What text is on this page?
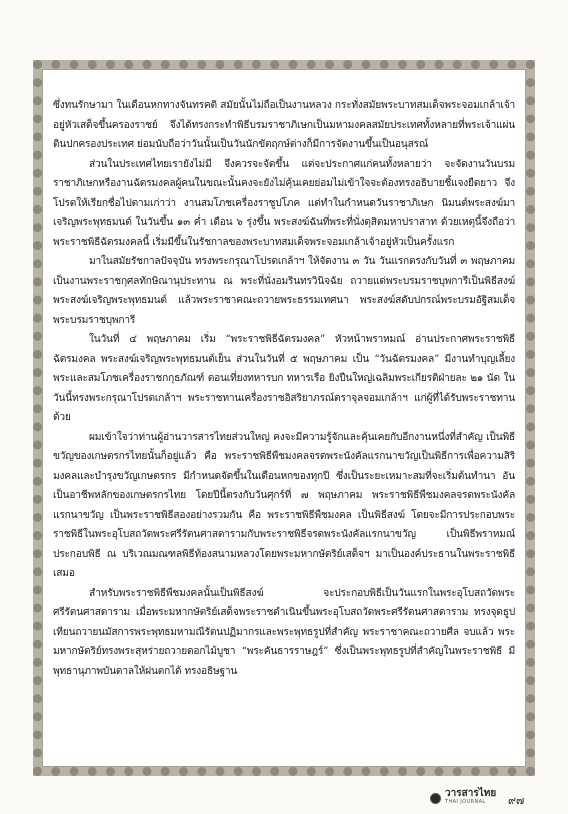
ซึ่งทนรักษามา ในเดือนหกทางจันทรคติ สมัยนั้นไม่ถือเป็นงานหลวง กระทั่งสมัยพระบาทสมเด็จพระจอมเกล้าเจ้าอยู่หัวเสด็จขึ้นครองราชย์ จึงได้ทรงกระทำพิธีบรมราชาภิเษกเป็นมหามงคลสมัยประเทศทั้งหลายที่พระเจ้าแผ่นดินปกครองประเทศ ย่อมนับถือว่าวันนั้นเป็นวันนักขัตฤกษ์ต่างก็มีการจัดงานขึ้นเป็นอนุสรณ์

ส่วนในประเทศไทยเรายังไม่มี จึงควรจะจัดขึ้น แต่จะประกาศแก่คนทั้งหลายว่า จะจัดงานวันบรมราชาภิเษกหรืองานฉัตรมงคลผู้คนในขณะนั้นคงจะยังไม่คุ้นเคยย่อมไม่เข้าใจจะต้องทรงอธิบายชี้แจงยืดยาว จึงโปรดให้เรียกชื่อไปตามเก่าว่า งานสมโภชเครื่องราชูปโภค แต่ทำในกำหนดวันราชาภิเษก นิมนต์พระสงฆ์มาเจริญพระพุทธมนต์ ในวันขึ้น ๑๓ ค่ำ เดือน ๖ รุ่งขึ้น พระสงฆ์ฉันที่พระที่นั่งดุสิตมหาปราสาท ด้วยเหตุนี้จึงถือว่า พระราชพิธีฉัตรมงคลนี้ เริ่มมีขึ้นในรัชกาลของพระบาทสมเด็จพระจอมเกล้าเจ้าอยู่หัวเป็นครั้งแรก

มาในสมัยรัชกาลปัจจุบัน ทรงพระกรุณาโปรดเกล้าฯ ให้จัดงาน ๓ วัน วันแรกตรงกับวันที่ ๓ พฤษภาคม เป็นงานพระราชกุศลทักษิณานุประทาน ณ พระที่นั่งอมรินทรวินิจฉัย ถวายแด่พระบรมราชบุพการีเป็นพิธีสงฆ์ พระสงฆ์เจริญพระพุทธมนต์ แล้วพระราชาคณะถวายพระธรรมเทศนา พระสงฆ์สดับปกรณ์พระบรมอัฐิสมเด็จพระบรมราชบุพการี

ในวันที่ ๔ พฤษภาคม เริ่ม “พระราชพิธีฉัตรมงคล” หัวหน้าพราหมณ์ อ่านประกาศพระราชพิธีฉัตรมงคล พระสงฆ์เจริญพระพุทธมนต์เย็น ส่วนในวันที่ ๕ พฤษภาคม เป็น “วันฉัตรมงคล” มีงานทำบุญเลี้ยงพระและสมโภชเครื่องราชกกุธภัณฑ์ ตอนเที่ยงทหารบก ทหารเรือ ยิงปืนใหญ่เฉลิมพระเกียรติฝ่ายละ ๒๑ นัด ในวันนี้ทรงพระกรุณาโปรดเกล้าฯ พระราชทานเครื่องราชอิสริยาภรณ์ตราจุลจอมเกล้าฯ แก่ผู้ที่ได้รับพระราชทานด้วย

ผมเข้าใจว่าท่านผู้อ่านวารสารไทยส่วนใหญ่ คงจะมีความรู้จักและคุ้นเคยกับอีกงานหนึ่งที่สำคัญ เป็นพิธีขวัญของเกษตรกรไทยนั้นก็อยู่แล้ว คือ พระราชพิธีพืชมงคลจรดพระนังคัลแรกนาขวัญเป็นพิธีการเพื่อความสิริมงคลและบำรุงขวัญเกษตรกร มีกำหนดจัดขึ้นในเดือนหกของทุกปี ซึ่งเป็นระยะเหมาะสมที่จะเริ่มต้นทำนา อันเป็นอาชีพหลักของเกษตรกรไทย โดยปีนี้ตรงกับวันศุกร์ที่ ๗ พฤษภาคม พระราชพิธีพืชมงคลจรดพระนังคัลแรกนาขวัญ เป็นพระราชพิธีสองอย่างรวมกัน คือ พระราชพิธีพืชมงคล เป็นพิธีสงฆ์ โดยจะมีการประกอบพระราชพิธีในพระอุโบสถวัดพระศรีรัตนศาสดารามกับพระราชพิธีจรดพระนังคัลแรกนาขวัญ เป็นพิธีพราหมณ์ประกอบพิธี ณ บริเวณมณฑลพิธีท้องสนามหลวงโดยพระมหากษัตริย์เสด็จฯ มาเป็นองค์ประธานในพระราชพิธีเสมอ

สำหรับพระราชพิธีพืชมงคลนั้นเป็นพิธีสงฆ์ จะประกอบพิธีเป็นวันแรกในพระอุโบสถวัดพระศรีรัตนศาสดาราม เมื่อพระมหากษัตริย์เสด็จพระราชดำเนินขึ้นพระอุโบสถวัดพระศรีรัตนศาสดาราม ทรงจุดธูปเทียนถวายนมัสการพระพุทธมหามณีรัตนปฏิมากรและพระพุทธรูปที่สำคัญ พระราชาคณะถวายศีล จบแล้ว พระมหากษัตริย์ทรงพระสุหร่ายถวายดอกไม้บูชา “พระคันธารราษฎร์” ซึ่งเป็นพระพุทธรูปที่สำคัญในพระราชพิธี มีพุทธานุภาพบันดาลให้ฝนตกได้ ทรงอธิษฐาน

วารสารไทย
THAI JOURNAL	๙๗
